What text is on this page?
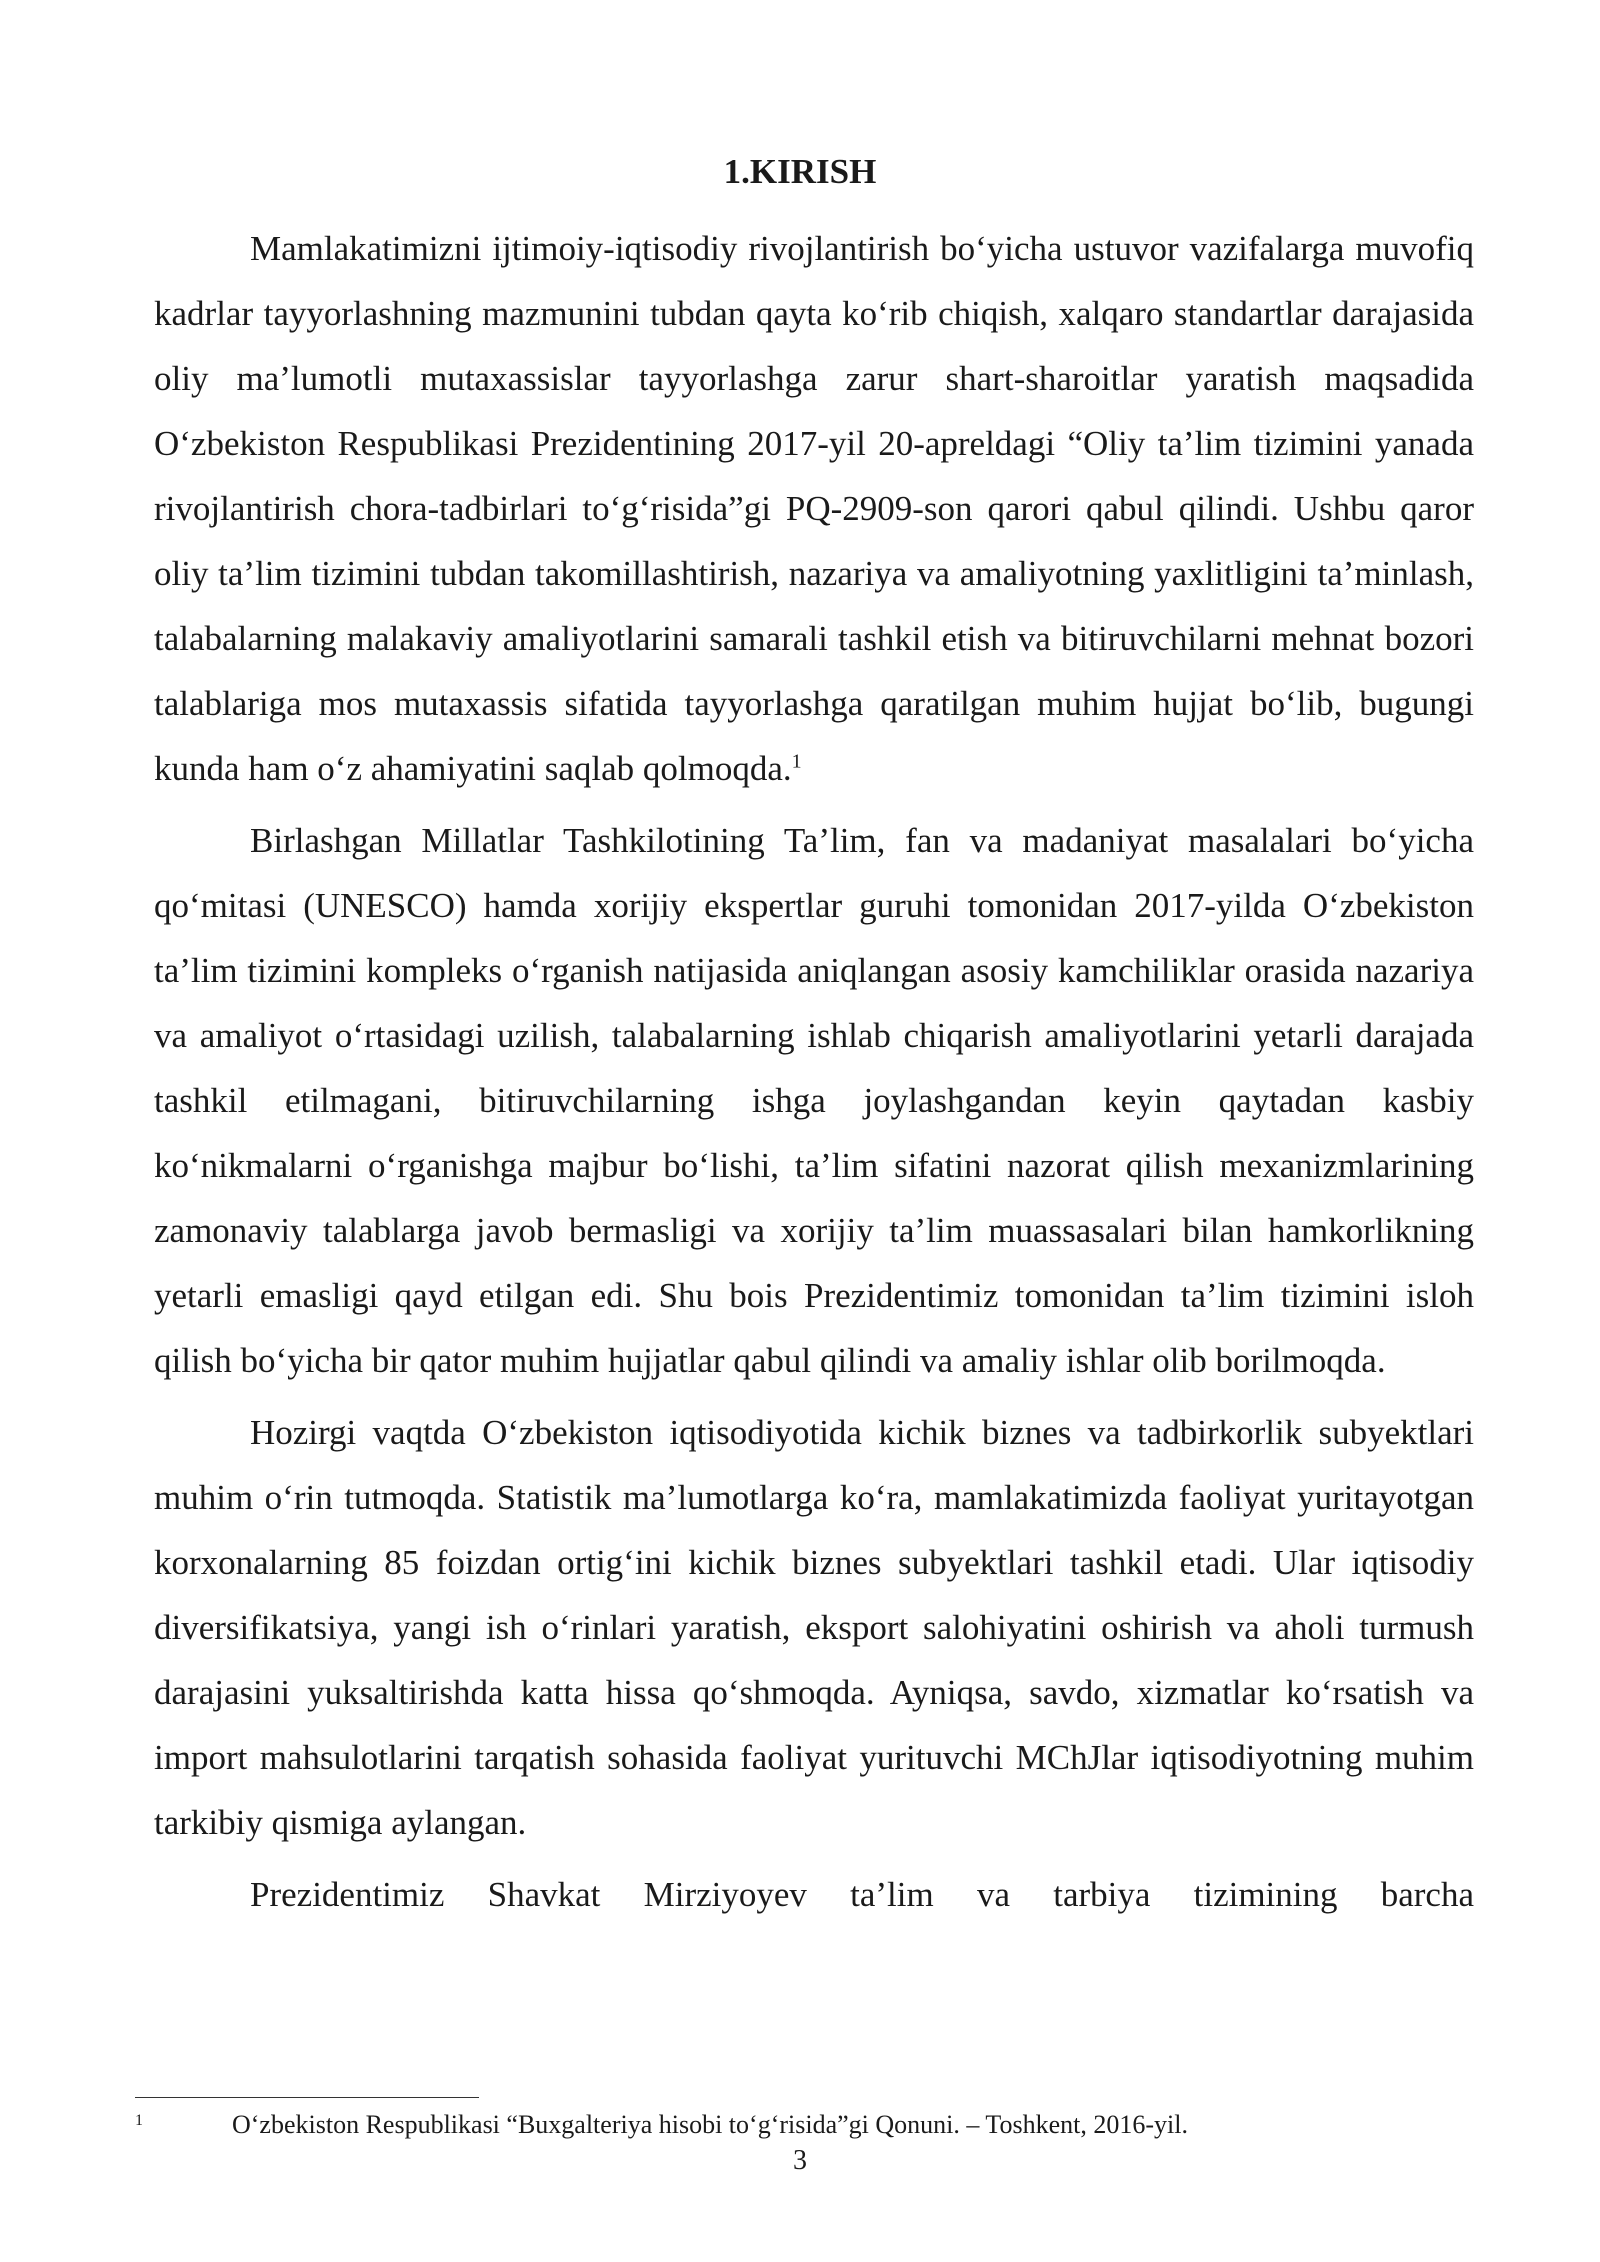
1.KIRISH

Mamlakatimizni ijtimoiy-iqtisodiy rivojlantirish bo‘yicha ustuvor vazifalarga muvofiq kadrlar tayyorlashning mazmunini tubdan qayta ko‘rib chiqish, xalqaro standartlar darajasida oliy ma’lumotli mutaxassislar tayyorlashga zarur shart-sharoitlar yaratish maqsadida O‘zbekiston Respublikasi Prezidentining 2017-yil 20-apreldagi “Oliy ta’lim tizimini yanada rivojlantirish chora-tadbirlari to‘g‘risida”gi PQ-2909-son qarori qabul qilindi. Ushbu qaror oliy ta’lim tizimini tubdan takomillashtirish, nazariya va amaliyotning yaxlitligini ta’minlash, talabalarning malakaviy amaliyotlarini samarali tashkil etish va bitiruvchilarni mehnat bozori talablariga mos mutaxassis sifatida tayyorlashga qaratilgan muhim hujjat bo‘lib, bugungi kunda ham o‘z ahamiyatini saqlab qolmoqda.$^1$

Birlashgan Millatlar Tashkilotining Ta’lim, fan va madaniyat masalalari bo‘yicha qo‘mitasi (UNESCO) hamda xorijiy ekspertlar guruhi tomonidan 2017-yilda O‘zbekiston ta’lim tizimini kompleks o‘rganish natijasida aniqlangan asosiy kamchiliklar orasida nazariya va amaliyot o‘rtasidagi uzilish, talabalarning ishlab chiqarish amaliyotlarini yetarli darajada tashkil etilmagani, bitiruvchilarning ishga joylashgandan keyin qaytadan kasbiy ko‘nikmalarni o‘rganishga majbur bo‘lishi, ta’lim sifatini nazorat qilish mexanizmlarining zamonaviy talablarga javob bermasligi va xorijiy ta’lim muassasalari bilan hamkorlikning yetarli emasligi qayd etilgan edi. Shu bois Prezidentimiz tomonidan ta’lim tizimini isloh qilish bo‘yicha bir qator muhim hujjatlar qabul qilindi va amaliy ishlar olib borilmoqda.

Hozirgi vaqtda O‘zbekiston iqtisodiyotida kichik biznes va tadbirkorlik subyektlari muhim o‘rin tutmoqda. Statistik ma’lumotlarga ko‘ra, mamlakatimizda faoliyat yuritayotgan korxonalarning 85 foizdan ortig‘ini kichik biznes subyektlari tashkil etadi. Ular iqtisodiy diversifikatsiya, yangi ish o‘rinlari yaratish, eksport salohiyatini oshirish va aholi turmush darajasini yuksaltirishda katta hissa qo‘shmoqda. Ayniqsa, savdo, xizmatlar ko‘rsatish va import mahsulotlarini tarqatish sohasida faoliyat yurituvchi MChJlar iqtisodiyotning muhim tarkibiy qismiga aylangan.

Prezidentimiz Shavkat Mirziyoyev ta’lim va tarbiya tizimining barcha

1	O‘zbekiston Respublikasi “Buxgalteriya hisobi to‘g‘risida”gi Qonuni. – Toshkent, 2016-yil.
3
